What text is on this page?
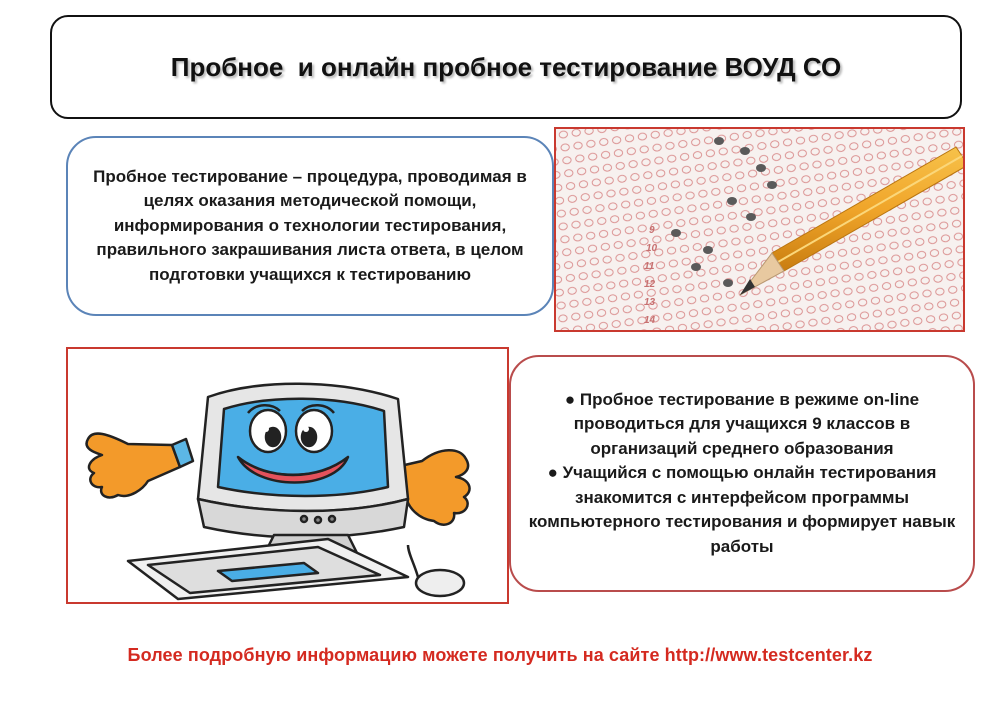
Пробное  и онлайн пробное тестирование ВОУД СО
Пробное тестирование – процедура, проводимая в целях оказания методической помощи, информирования о технологии тестирования, правильного закрашивания листа ответа, в целом подготовки учащихся к тестированию
9
10
11
12
13
14

● Пробное тестирование в режиме on-line проводиться для учащихся 9 классов в организаций среднего образования

● Учащийся с помощью онлайн тестирования знакомится с интерфейсом программы компьютерного тестирования и формирует навык работы

Более подробную информацию можете получить на сайте http://www.testcenter.kz
